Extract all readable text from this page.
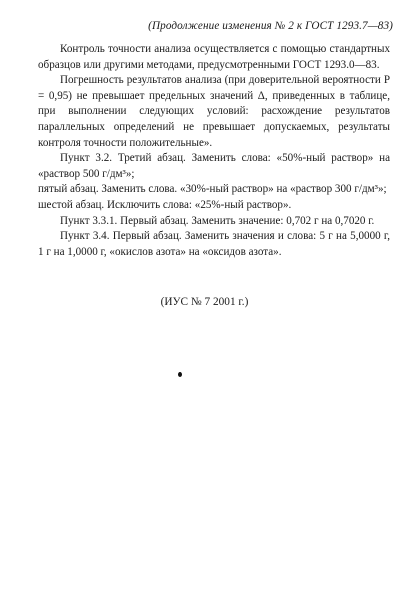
(Продолжение изменения № 2 к ГОСТ 1293.7—83)

Контроль точности анализа осуществляется с помощью стандартных образцов или другими методами, предусмотренными ГОСТ 1293.0—83.

Погрешность результатов анализа (при доверительной вероятности P = 0,95) не превышает предельных значений Δ, приведенных в таблице, при выполнении следующих условий: расхождение результатов параллельных определений не превышает допускаемых, результаты контроля точности положительные».

Пункт 3.2. Третий абзац. Заменить слова: «50%-ный раствор» на «раствор 500 г/дм³»;

пятый абзац. Заменить слова. «30%-ный раствор» на «раствор 300 г/дм³»;

шестой абзац. Исключить слова: «25%-ный раствор».

Пункт 3.3.1. Первый абзац. Заменить значение: 0,702 г на 0,7020 г.

Пункт 3.4. Первый абзац. Заменить значения и слова: 5 г на 5,0000 г, 1 г на 1,0000 г, «окислов азота» на «оксидов азота».

(ИУС № 7 2001 г.)
